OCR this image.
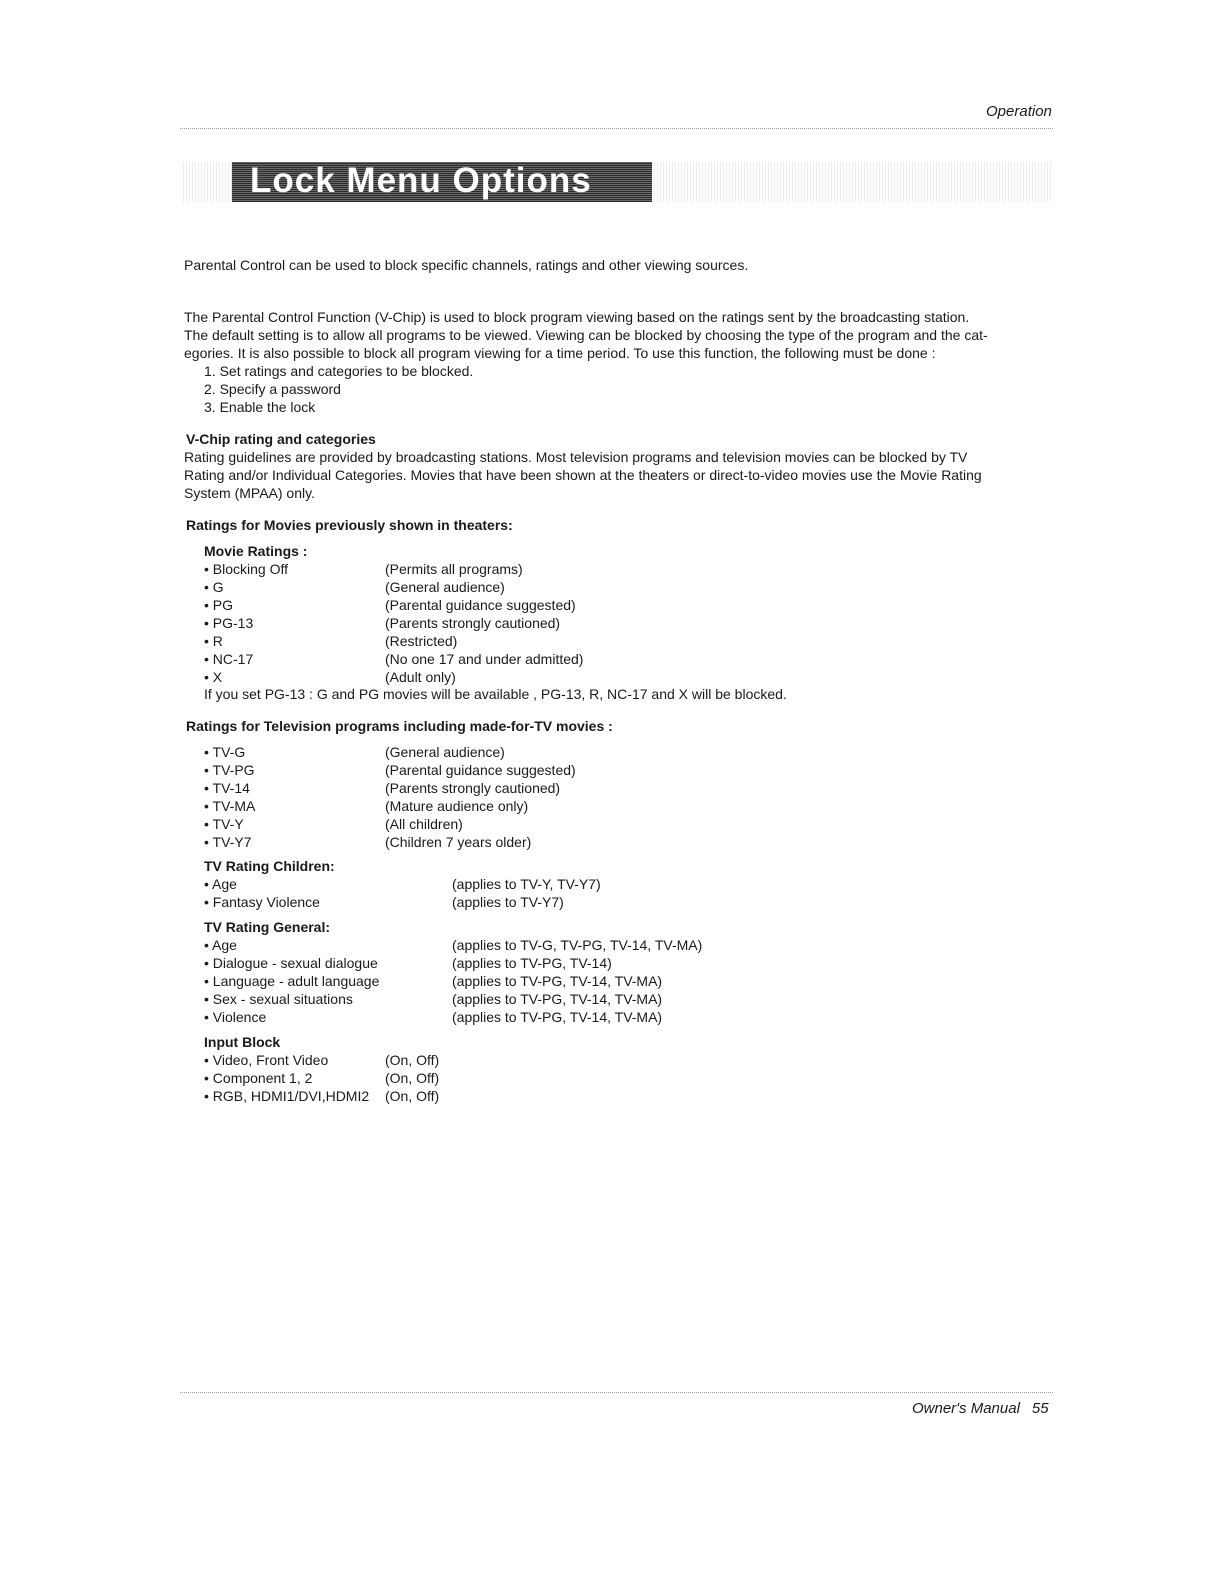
Operation
Lock Menu Options
Parental Control can be used to block specific channels, ratings and other viewing sources.
The Parental Control Function (V-Chip) is used to block program viewing based on the ratings sent by the broadcasting station.
The default setting is to allow all programs to be viewed. Viewing can be blocked by choosing the type of the program and the cat-
egories. It is also possible to block all program viewing for a time period. To use this function, the following must be done :
1. Set ratings and categories to be blocked.
2. Specify a password
3. Enable the lock
V-Chip rating and categories
Rating guidelines are provided by broadcasting stations. Most television programs and television movies can be blocked by TV
Rating and/or Individual Categories. Movies that have been shown at the theaters or direct-to-video movies use the Movie Rating
System (MPAA) only.
Ratings for Movies previously shown in theaters:
Movie Ratings :
• Blocking Off	(Permits all programs)
• G	(General audience)
• PG	(Parental guidance suggested)
• PG-13	(Parents strongly cautioned)
• R	(Restricted)
• NC-17	(No one 17 and under admitted)
• X	(Adult only)
If you set PG-13 : G and PG movies will be available , PG-13, R, NC-17 and X will be blocked.
Ratings for Television programs including made-for-TV movies :
• TV-G	(General audience)
• TV-PG	(Parental guidance suggested)
• TV-14	(Parents strongly cautioned)
• TV-MA	(Mature audience only)
• TV-Y	(All children)
• TV-Y7	(Children 7 years older)
TV Rating Children:
• Age	(applies to TV-Y, TV-Y7)
• Fantasy Violence	(applies to TV-Y7)
TV Rating General:
• Age	(applies to TV-G, TV-PG, TV-14, TV-MA)
• Dialogue - sexual dialogue	(applies to TV-PG, TV-14)
• Language - adult language	(applies to TV-PG, TV-14, TV-MA)
• Sex - sexual situations	(applies to TV-PG, TV-14, TV-MA)
• Violence	(applies to TV-PG, TV-14, TV-MA)
Input Block
• Video, Front Video	(On, Off)
• Component 1, 2	(On, Off)
• RGB, HDMI1/DVI,HDMI2 (On, Off)
Owner's Manual 55
